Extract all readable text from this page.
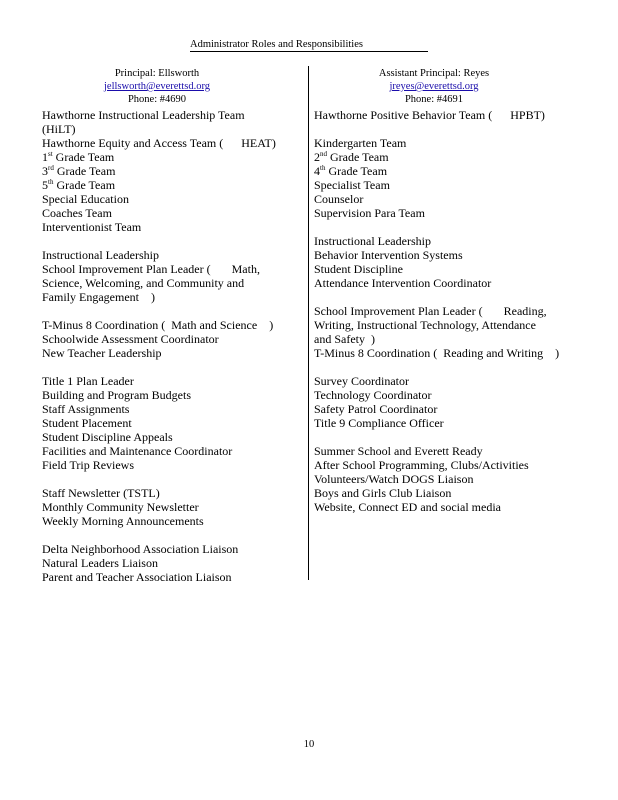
Administrator Roles and Responsibilities
Principal: Ellsworth
jellsworth@everettsd.org
Phone: #4690
Assistant Principal: Reyes
jreyes@everettsd.org
Phone: #4691
Hawthorne Instructional Leadership Team
(HiLT)
Hawthorne Equity and Access Team (      HEAT)
1st Grade Team
3rd Grade Team
5th Grade Team
Special Education
Coaches Team
Interventionist Team
Instructional Leadership
School Improvement Plan Leader (       Math,
Science, Welcoming, and Community and
Family Engagement    )
T-Minus 8 Coordination (  Math and Science    )
Schoolwide Assessment Coordinator
New Teacher Leadership
Title 1 Plan Leader
Building and Program Budgets
Staff Assignments
Student Placement
Student Discipline Appeals
Facilities and Maintenance Coordinator
Field Trip Reviews
Staff Newsletter (TSTL)
Monthly Community Newsletter
Weekly Morning Announcements
Delta Neighborhood Association Liaison
Natural Leaders Liaison
Parent and Teacher Association Liaison
Hawthorne Positive Behavior Team (      HPBT)
Kindergarten Team
2nd Grade Team
4th Grade Team
Specialist Team
Counselor
Supervision Para Team
Instructional Leadership
Behavior Intervention Systems
Student Discipline
Attendance Intervention Coordinator
School Improvement Plan Leader (       Reading,
Writing, Instructional Technology, Attendance
and Safety  )
T-Minus 8 Coordination (  Reading and Writing    )
Survey Coordinator
Technology Coordinator
Safety Patrol Coordinator
Title 9 Compliance Officer
Summer School and Everett Ready
After School Programming, Clubs/Activities
Volunteers/Watch DOGS Liaison
Boys and Girls Club Liaison
Website, Connect ED and social media
10
